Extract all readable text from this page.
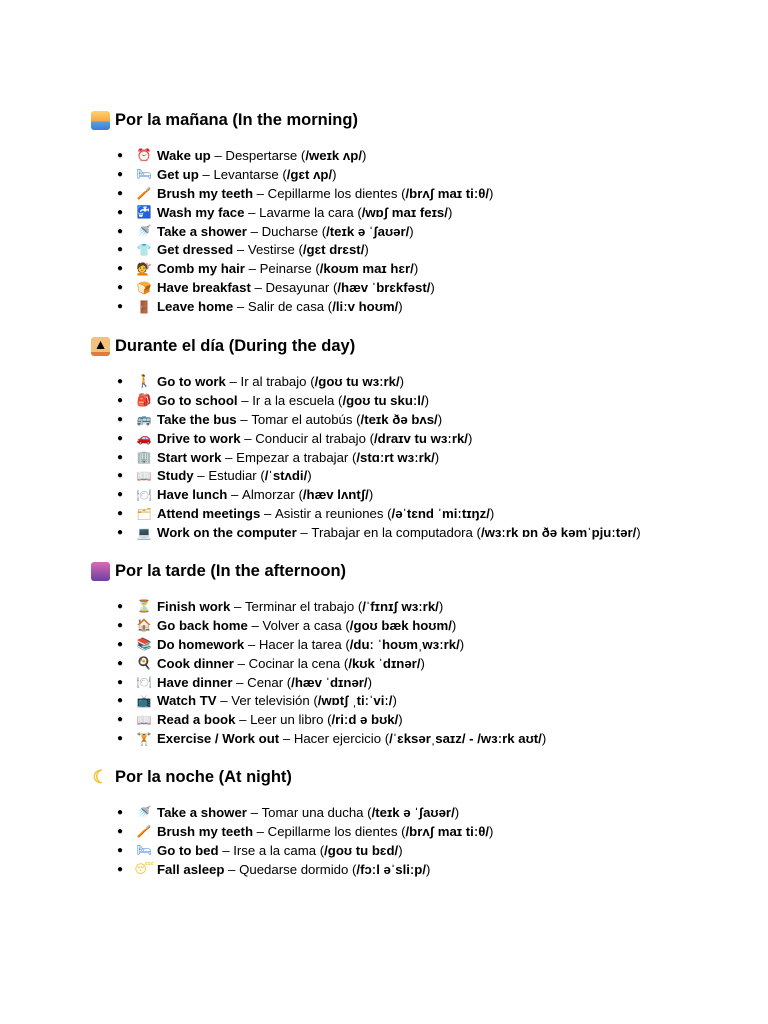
Por la mañana (In the morning)
●	⏰ Wake up – Despertarse ( /weɪk ʌp/ )
●	🛏 Get up – Levantarse ( /gɛt ʌp/ )
●	🪥 Brush my teeth – Cepillarme los dientes ( /brʌʃ maɪ tiːθ/ )
●	🚰 Wash my face – Lavarme la cara ( /wɒʃ maɪ feɪs/ )
●	🚿 Take a shower – Ducharse ( /teɪk ə ˈʃaʊər/ )
●	👕 Get dressed – Vestirse ( /gɛt drɛst/ )
●	💇 Comb my hair – Peinarse ( /koʊm maɪ hɛr/ )
●	🍞 Have breakfast – Desayunar ( /hæv ˈbrɛkfəst/ )
●	🚪 Leave home – Salir de casa ( /liːv hoʊm/ )
▲ Durante el día (During the day)
●	🚶 Go to work – Ir al trabajo ( /goʊ tu wɜːrk/ )
●	🎒 Go to school – Ir a la escuela ( /goʊ tu skuːl/ )
●	🚌 Take the bus – Tomar el autobús ( /teɪk ðə bʌs/ )
●	🚗 Drive to work – Conducir al trabajo ( /draɪv tu wɜːrk/ )
●	🏢 Start work – Empezar a trabajar ( /stɑːrt wɜːrk/ )
●	📖 Study – Estudiar ( /ˈstʌdi/ )
●	🍽 Have lunch – Almorzar ( /hæv lʌntʃ/ )
●	🗂 Attend meetings – Asistir a reuniones ( /əˈtɛnd ˈmiːtɪŋz/ )
●	💻 Work on the computer – Trabajar en la computadora ( /wɜːrk ɒn ðə kəmˈpjuːtər/ )
Por la tarde (In the afternoon)
●	⏳ Finish work – Terminar el trabajo ( /ˈfɪnɪʃ wɜːrk/ )
●	🏠 Go back home – Volver a casa ( /goʊ bæk hoʊm/ )
●	📚 Do homework – Hacer la tarea ( /duː ˈhoʊmˌwɜːrk/ )
●	🍳 Cook dinner – Cocinar la cena ( /kʊk ˈdɪnər/ )
●	🍽 Have dinner – Cenar ( /hæv ˈdɪnər/ )
●	📺 Watch TV – Ver televisión ( /wɒtʃ ˌtiːˈviː/ )
●	📖 Read a book – Leer un libro ( /riːd ə bʊk/ )
●	🏋 Exercise / Work out – Hacer ejercicio ( /ˈɛksərˌsaɪz/ - /wɜːrk aʊt/ )
☾ Por la noche (At night)
●	🚿 Take a shower – Tomar una ducha ( /teɪk ə ˈʃaʊər/ )
●	🪥 Brush my teeth – Cepillarme los dientes ( /brʌʃ maɪ tiːθ/ )
●	🛏 Go to bed – Irse a la cama ( /goʊ tu bɛd/ )
● 😴 Fall asleep – Quedarse dormido ( /fɔːl əˈsliːp/ )
